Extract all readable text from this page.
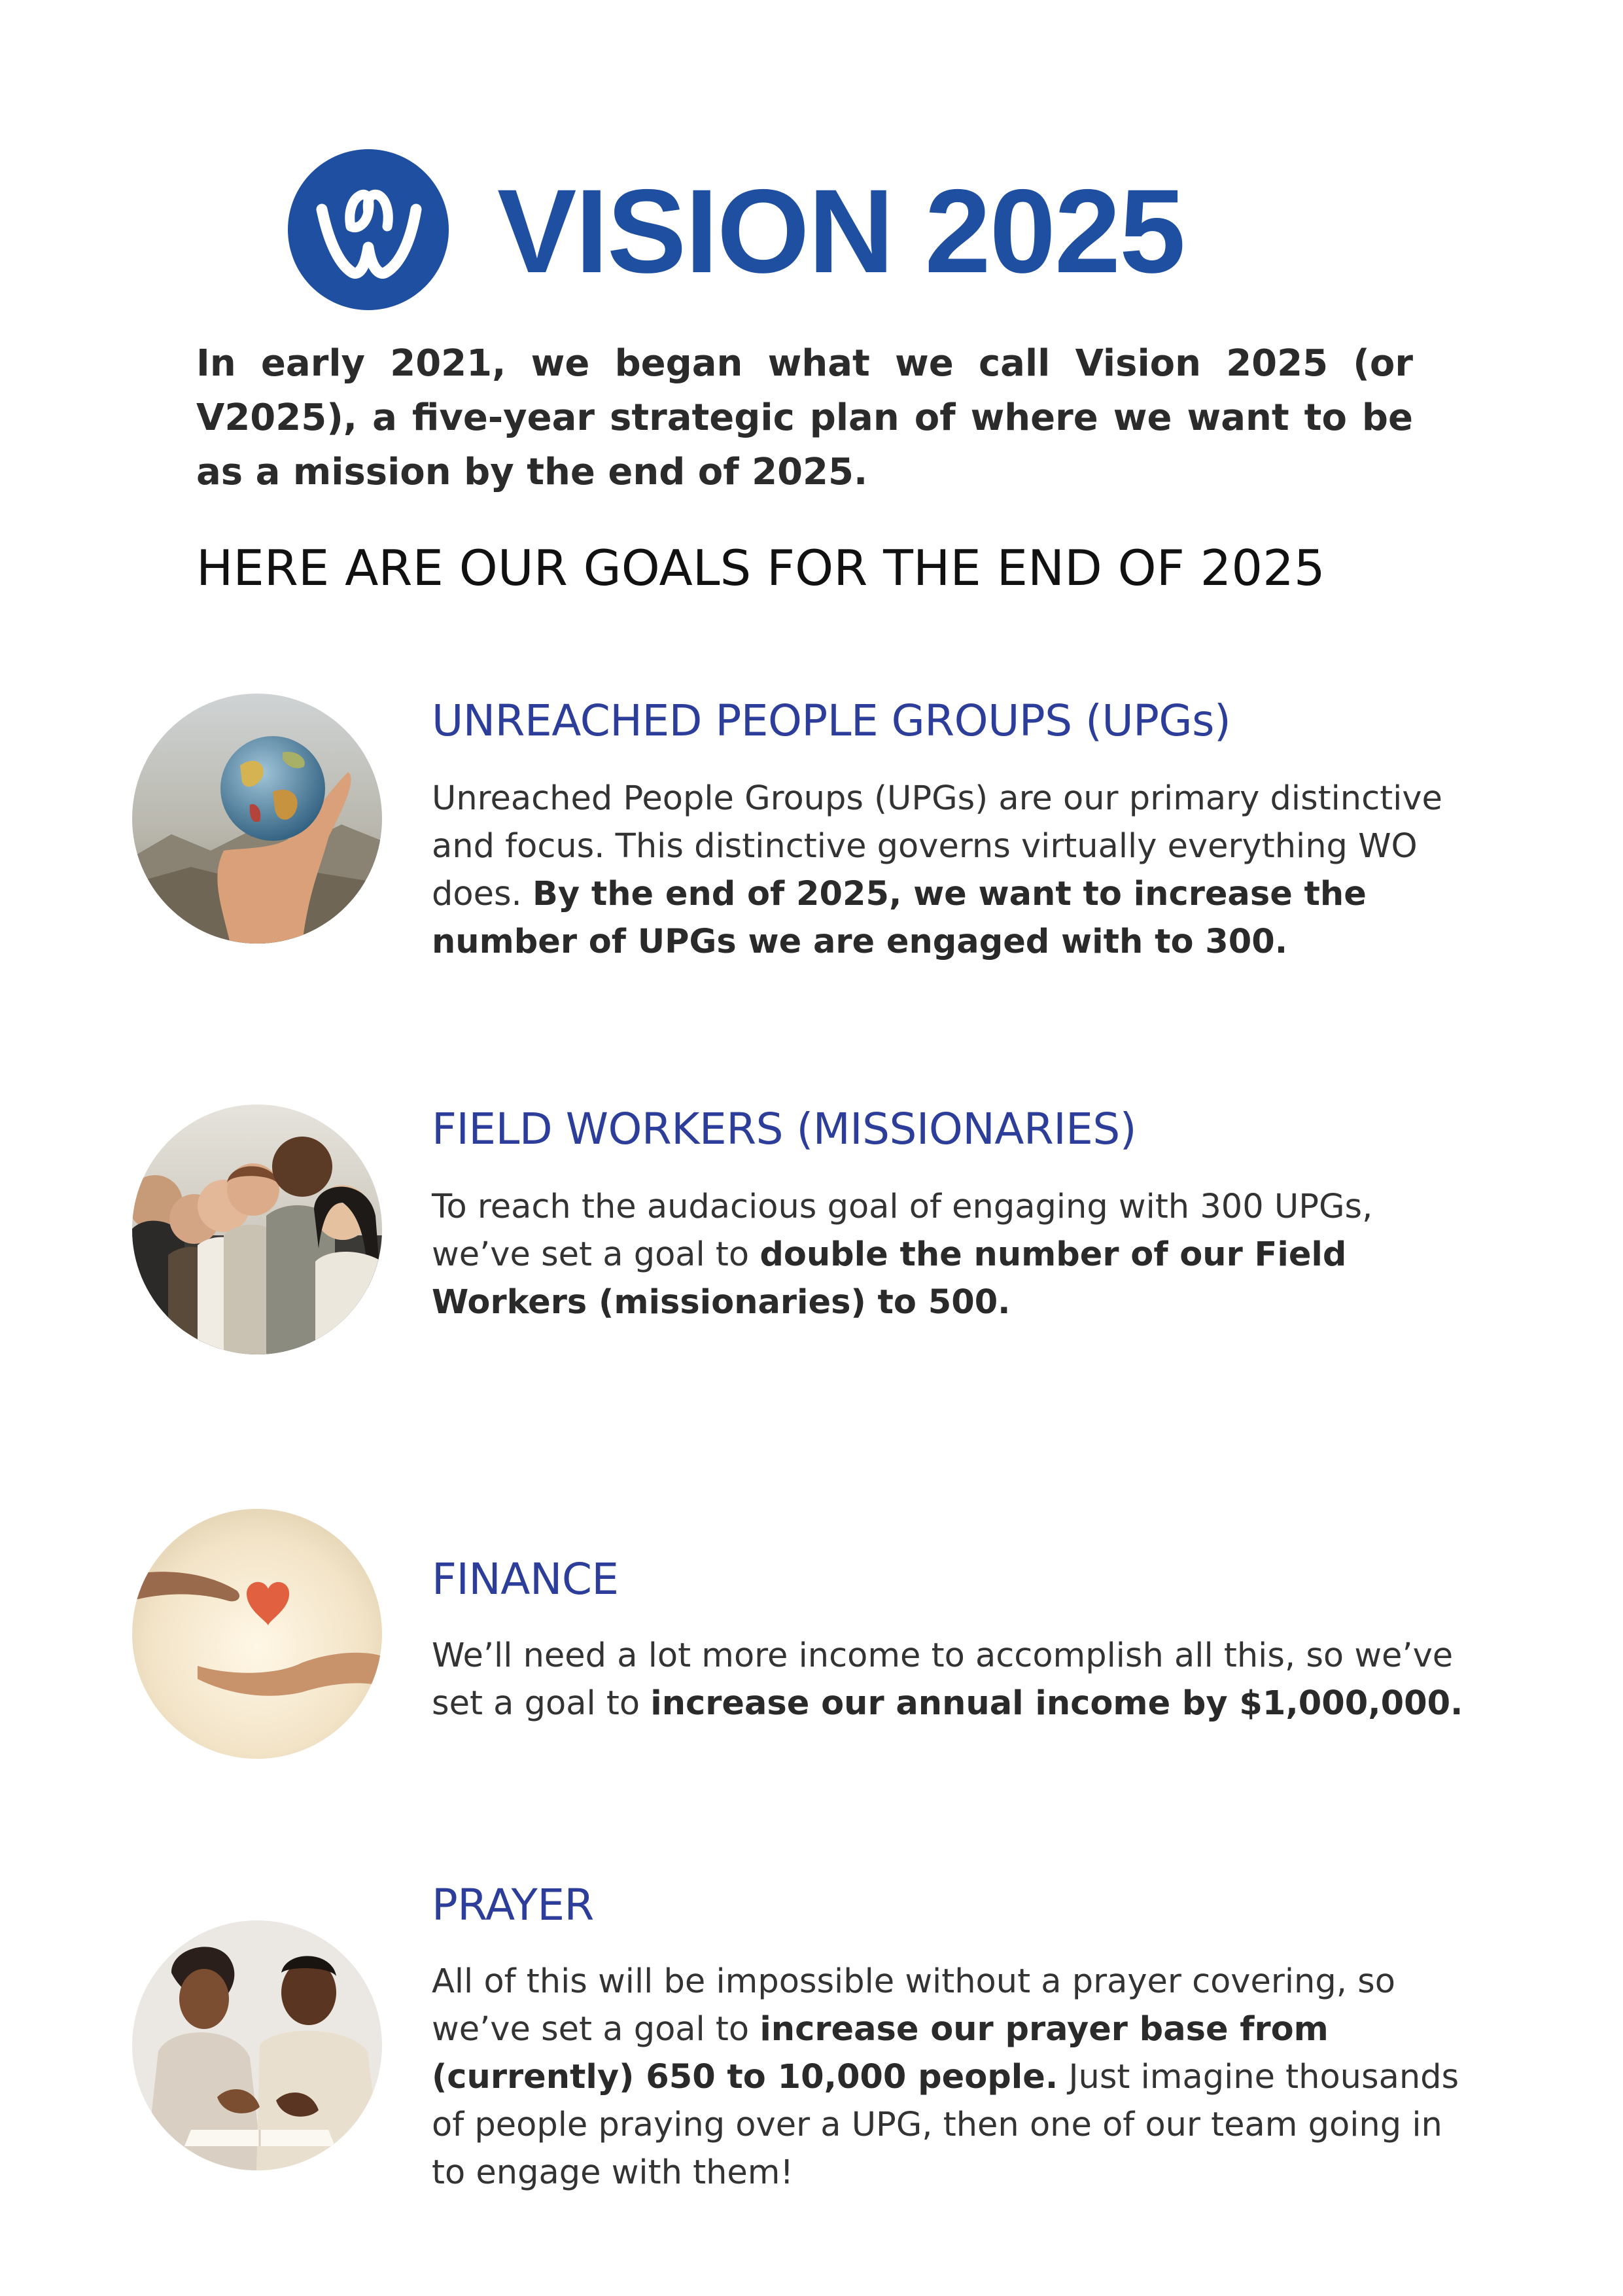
VISION 2025

In early 2021, we began what we call Vision 2025 (or V2025), a five-year strategic plan of where we want to be as a mission by the end of 2025.

HERE ARE OUR GOALS FOR THE END OF 2025
UNREACHED PEOPLE GROUPS (UPGs)

Unreached People Groups (UPGs) are our primary distinctive and focus. This distinctive governs virtually everything WO does. By the end of 2025, we want to increase the number of UPGs we are engaged with to 300.

FIELD WORKERS (MISSIONARIES)

To reach the audacious goal of engaging with 300 UPGs, we’ve set a goal to double the number of our Field Workers (missionaries) to 500.

FINANCE

We’ll need a lot more income to accomplish all this, so we’ve set a goal to increase our annual income by $1,000,000.

PRAYER

All of this will be impossible without a prayer covering, so we’ve set a goal to increase our prayer base from (currently) 650 to 10,000 people. Just imagine thousands of people praying over a UPG, then one of our team going in to engage with them!
